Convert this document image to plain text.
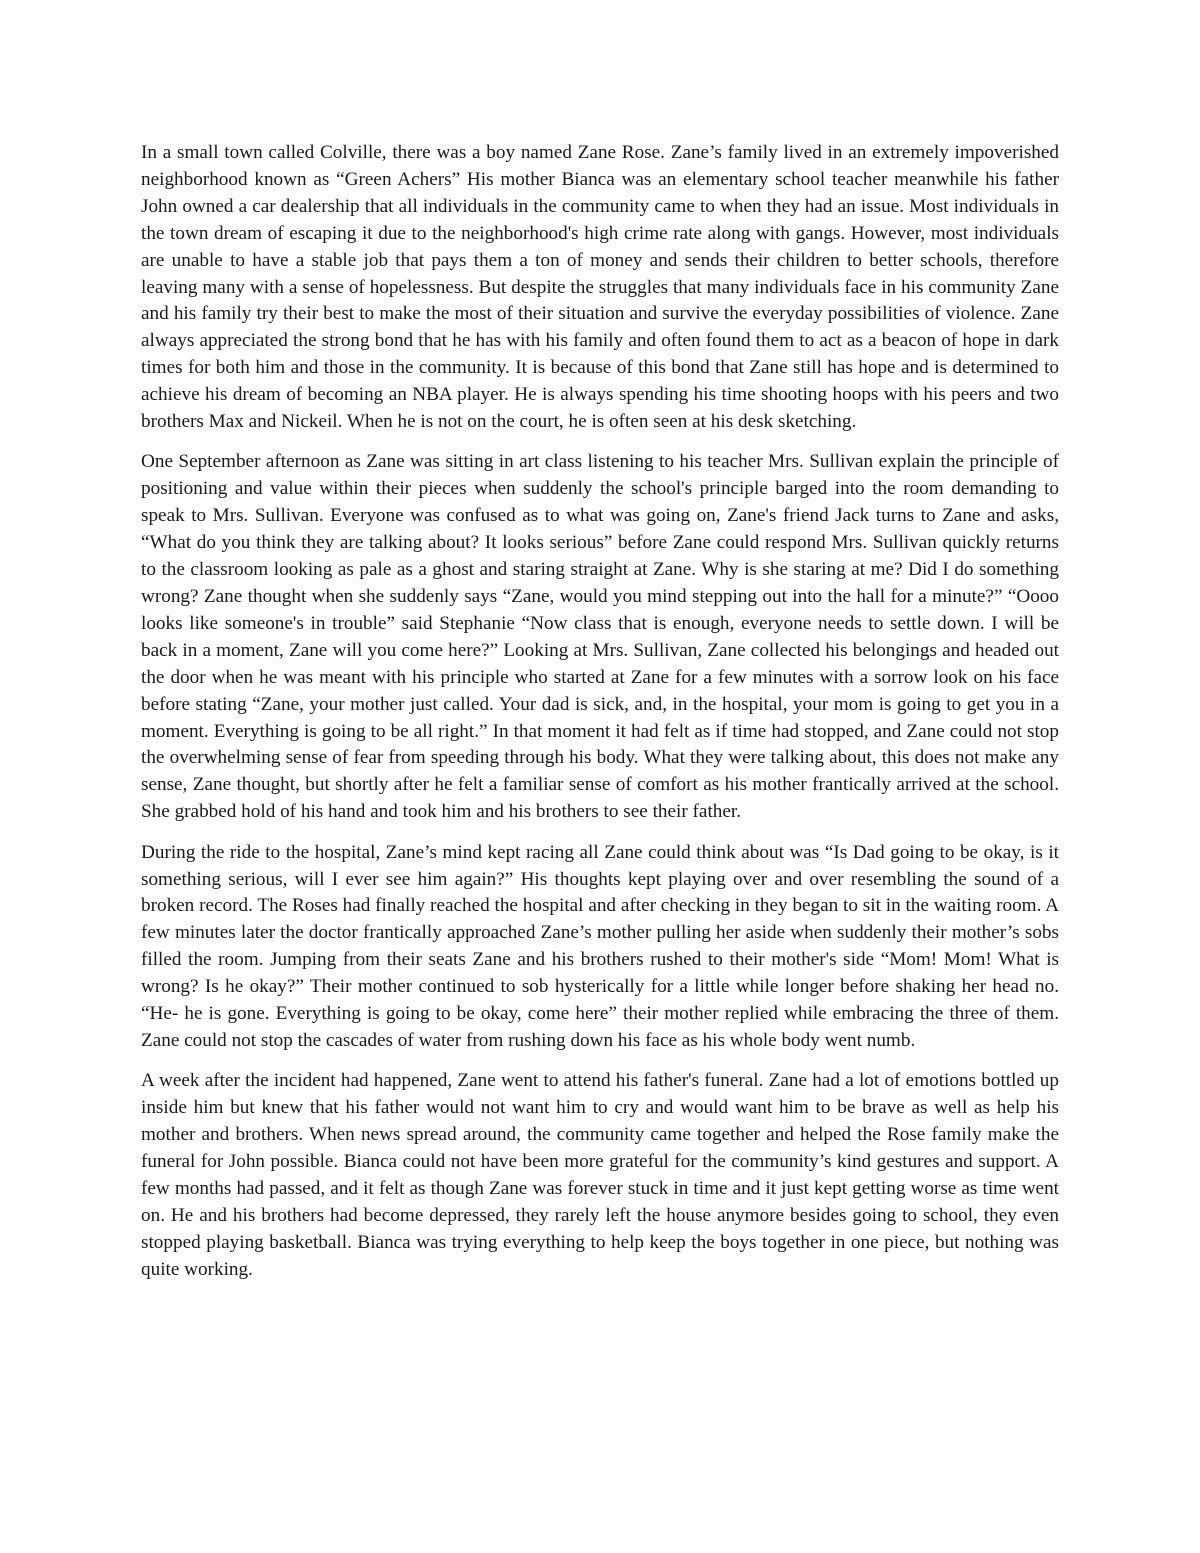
In a small town called Colville, there was a boy named Zane Rose. Zane’s family lived in an extremely impoverished neighborhood known as “Green Achers” His mother Bianca was an elementary school teacher meanwhile his father John owned a car dealership that all individuals in the community came to when they had an issue. Most individuals in the town dream of escaping it due to the neighborhood's high crime rate along with gangs. However, most individuals are unable to have a stable job that pays them a ton of money and sends their children to better schools, therefore leaving many with a sense of hopelessness. But despite the struggles that many individuals face in his community Zane and his family try their best to make the most of their situation and survive the everyday possibilities of violence. Zane always appreciated the strong bond that he has with his family and often found them to act as a beacon of hope in dark times for both him and those in the community. It is because of this bond that Zane still has hope and is determined to achieve his dream of becoming an NBA player. He is always spending his time shooting hoops with his peers and two brothers Max and Nickeil. When he is not on the court, he is often seen at his desk sketching.

One September afternoon as Zane was sitting in art class listening to his teacher Mrs. Sullivan explain the principle of positioning and value within their pieces when suddenly the school's principle barged into the room demanding to speak to Mrs. Sullivan. Everyone was confused as to what was going on, Zane's friend Jack turns to Zane and asks, “What do you think they are talking about? It looks serious” before Zane could respond Mrs. Sullivan quickly returns to the classroom looking as pale as a ghost and staring straight at Zane. Why is she staring at me? Did I do something wrong? Zane thought when she suddenly says “Zane, would you mind stepping out into the hall for a minute?” “Oooo looks like someone's in trouble” said Stephanie “Now class that is enough, everyone needs to settle down. I will be back in a moment, Zane will you come here?” Looking at Mrs. Sullivan, Zane collected his belongings and headed out the door when he was meant with his principle who started at Zane for a few minutes with a sorrow look on his face before stating “Zane, your mother just called. Your dad is sick, and, in the hospital, your mom is going to get you in a moment. Everything is going to be all right.” In that moment it had felt as if time had stopped, and Zane could not stop the overwhelming sense of fear from speeding through his body. What they were talking about, this does not make any sense, Zane thought, but shortly after he felt a familiar sense of comfort as his mother frantically arrived at the school. She grabbed hold of his hand and took him and his brothers to see their father.

During the ride to the hospital, Zane’s mind kept racing all Zane could think about was “Is Dad going to be okay, is it something serious, will I ever see him again?” His thoughts kept playing over and over resembling the sound of a broken record. The Roses had finally reached the hospital and after checking in they began to sit in the waiting room. A few minutes later the doctor frantically approached Zane’s mother pulling her aside when suddenly their mother’s sobs filled the room. Jumping from their seats Zane and his brothers rushed to their mother's side “Mom! Mom! What is wrong? Is he okay?” Their mother continued to sob hysterically for a little while longer before shaking her head no. “He- he is gone. Everything is going to be okay, come here” their mother replied while embracing the three of them. Zane could not stop the cascades of water from rushing down his face as his whole body went numb.

A week after the incident had happened, Zane went to attend his father's funeral. Zane had a lot of emotions bottled up inside him but knew that his father would not want him to cry and would want him to be brave as well as help his mother and brothers. When news spread around, the community came together and helped the Rose family make the funeral for John possible. Bianca could not have been more grateful for the community’s kind gestures and support. A few months had passed, and it felt as though Zane was forever stuck in time and it just kept getting worse as time went on. He and his brothers had become depressed, they rarely left the house anymore besides going to school, they even stopped playing basketball. Bianca was trying everything to help keep the boys together in one piece, but nothing was quite working.
